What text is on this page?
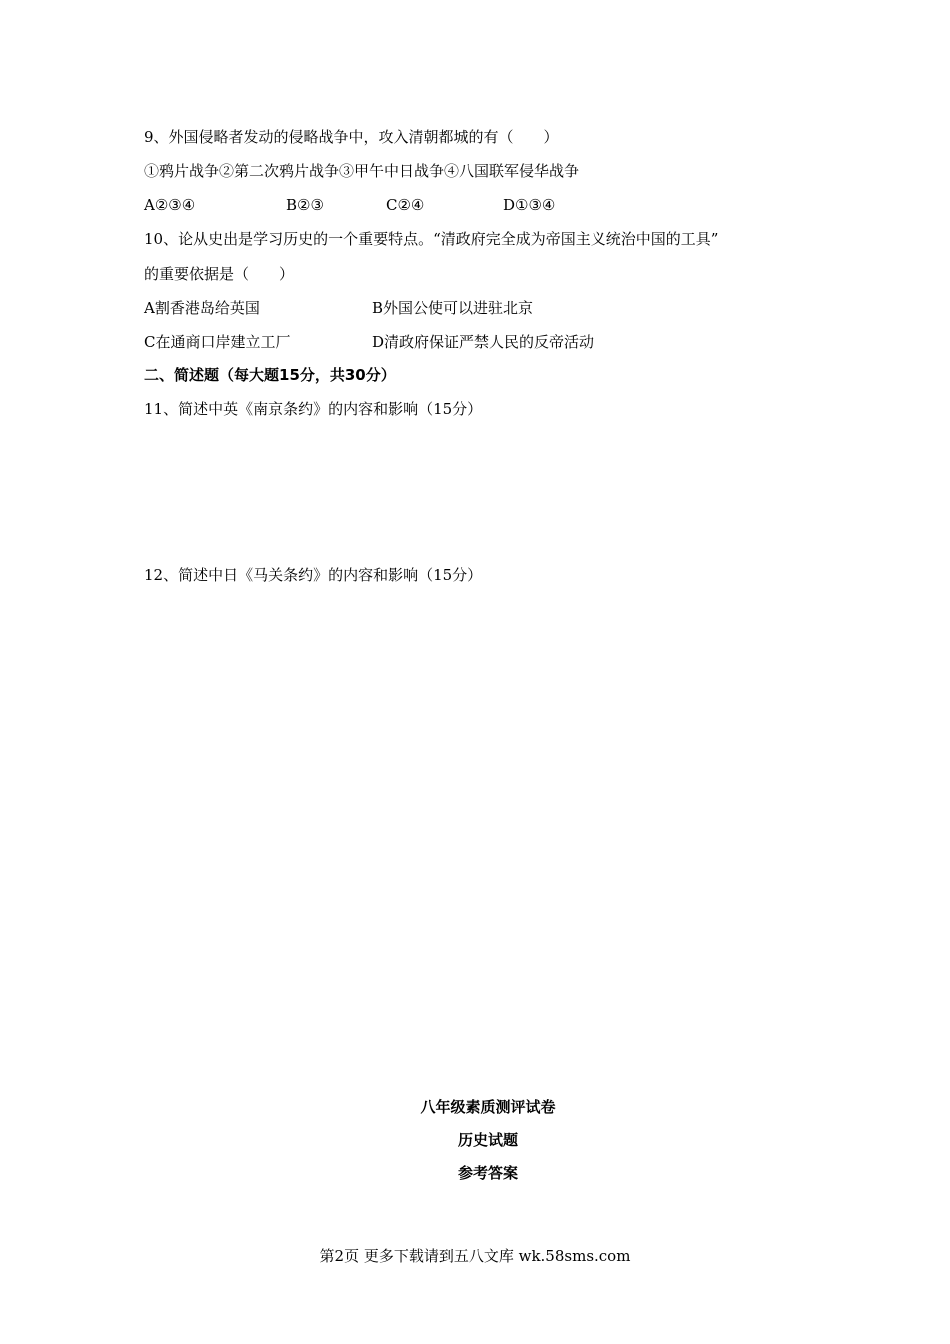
9、外国侵略者发动的侵略战争中，攻入清朝都城的有（　　）
①鸦片战争②第二次鸦片战争③甲午中日战争④八国联军侵华战争
A②③④	B②③	C②④	D①③④
10、论从史出是学习历史的一个重要特点。“清政府完全成为帝国主义统治中国的工具”
的重要依据是（　　）
A割香港岛给英国	B外国公使可以进驻北京
C在通商口岸建立工厂	D清政府保证严禁人民的反帝活动
二、简述题（每大题15分，共30分）
11、简述中英《南京条约》的内容和影响（15分）
12、简述中日《马关条约》的内容和影响（15分）
八年级素质测评试卷
历史试题
参考答案
第2页 更多下载请到五八文库 wk.58sms.com
